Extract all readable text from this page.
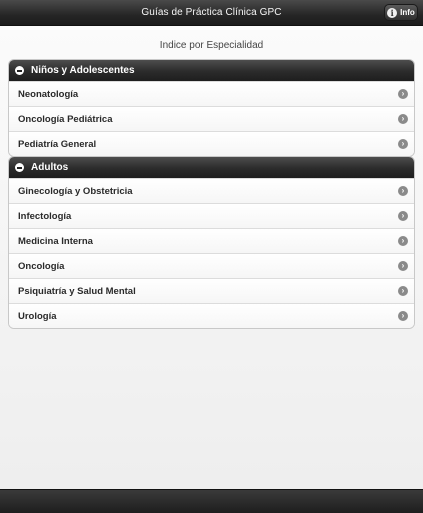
Guías de Práctica Clínica GPC	i Info
Indice por Especialidad
Niños y Adolescentes
Neonatología	›
Oncología Pediátrica	›
Pediatría General	›
Adultos
Ginecología y Obstetricia	›
Infectología	›
Medicina Interna	›
Oncología	›
Psiquiatría y Salud Mental	›
Urología	›
